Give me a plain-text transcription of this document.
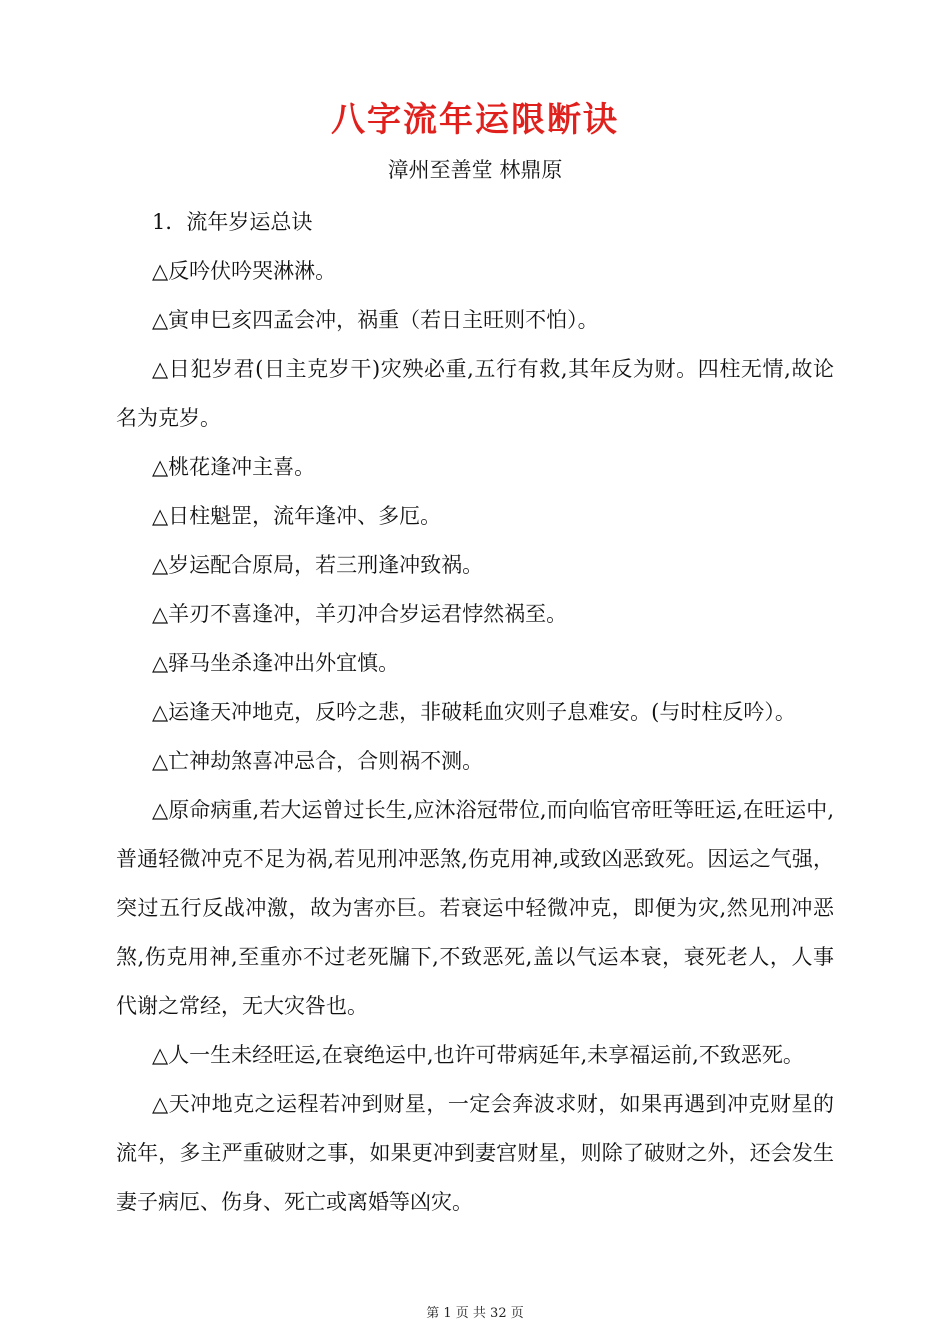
八字流年运限断诀
漳州至善堂 林鼎原

1．流年岁运总诀

△反吟伏吟哭淋淋。

△寅申巳亥四孟会冲，祸重（若日主旺则不怕）。

△日犯岁君(日主克岁干)灾殃必重,五行有救,其年反为财。四柱无情,故论名为克岁。

△桃花逢冲主喜。

△日柱魁罡，流年逢冲、多厄。

△岁运配合原局，若三刑逢冲致祸。

△羊刃不喜逢冲，羊刃冲合岁运君悖然祸至。

△驿马坐杀逢冲出外宜慎。

△运逢天冲地克，反吟之悲，非破耗血灾则子息难安。(与时柱反吟）。

△亡神劫煞喜冲忌合，合则祸不测。

△原命病重,若大运曾过长生,应沐浴冠带位,而向临官帝旺等旺运,在旺运中,普通轻微冲克不足为祸,若见刑冲恶煞,伤克用神,或致凶恶致死。因运之气强，突过五行反战冲激，故为害亦巨。若衰运中轻微冲克，即便为灾,然见刑冲恶煞,伤克用神,至重亦不过老死牖下,不致恶死,盖以气运本衰，衰死老人，人事代谢之常经，无大灾咎也。

△人一生未经旺运,在衰绝运中,也许可带病延年,未享福运前,不致恶死。

△天冲地克之运程若冲到财星，一定会奔波求财，如果再遇到冲克财星的流年，多主严重破财之事，如果更冲到妻宫财星，则除了破财之外，还会发生妻子病厄、伤身、死亡或离婚等凶灾。

第 1 页 共 32 页
